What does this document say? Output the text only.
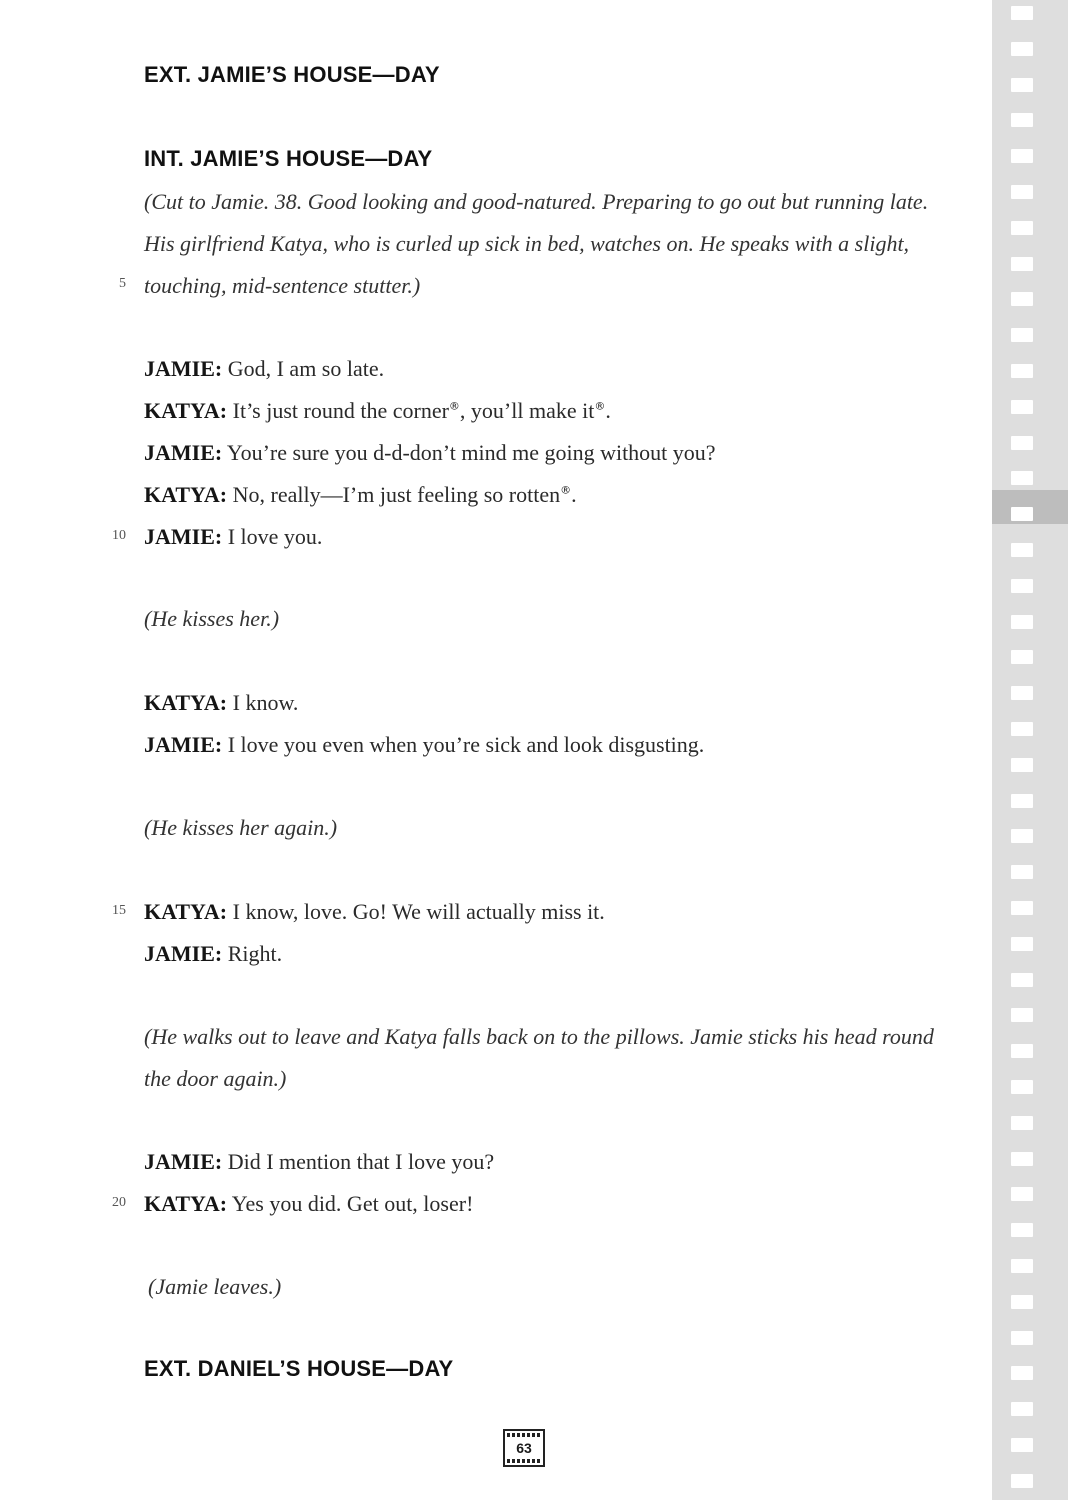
EXT. JAMIE’S HOUSE—DAY
INT. JAMIE’S HOUSE—DAY
(Cut to Jamie. 38. Good looking and good-natured. Preparing to go out but running late. His girlfriend Katya, who is curled up sick in bed, watches on. He speaks with a slight, touching, mid-sentence stutter.)
5
JAMIE: God, I am so late.
KATYA: It’s just round the corner®, you’ll make it®.
JAMIE: You’re sure you d-d-don’t mind me going without you?
KATYA: No, really—I’m just feeling so rotten®.
10 JAMIE: I love you.
(He kisses her.)
KATYA: I know.
JAMIE: I love you even when you’re sick and look disgusting.
(He kisses her again.)
15 KATYA: I know, love. Go! We will actually miss it.
JAMIE: Right.
(He walks out to leave and Katya falls back on to the pillows. Jamie sticks his head round the door again.)
JAMIE: Did I mention that I love you?
20 KATYA: Yes you did. Get out, loser!
(Jamie leaves.)
EXT. DANIEL’S HOUSE—DAY
63
